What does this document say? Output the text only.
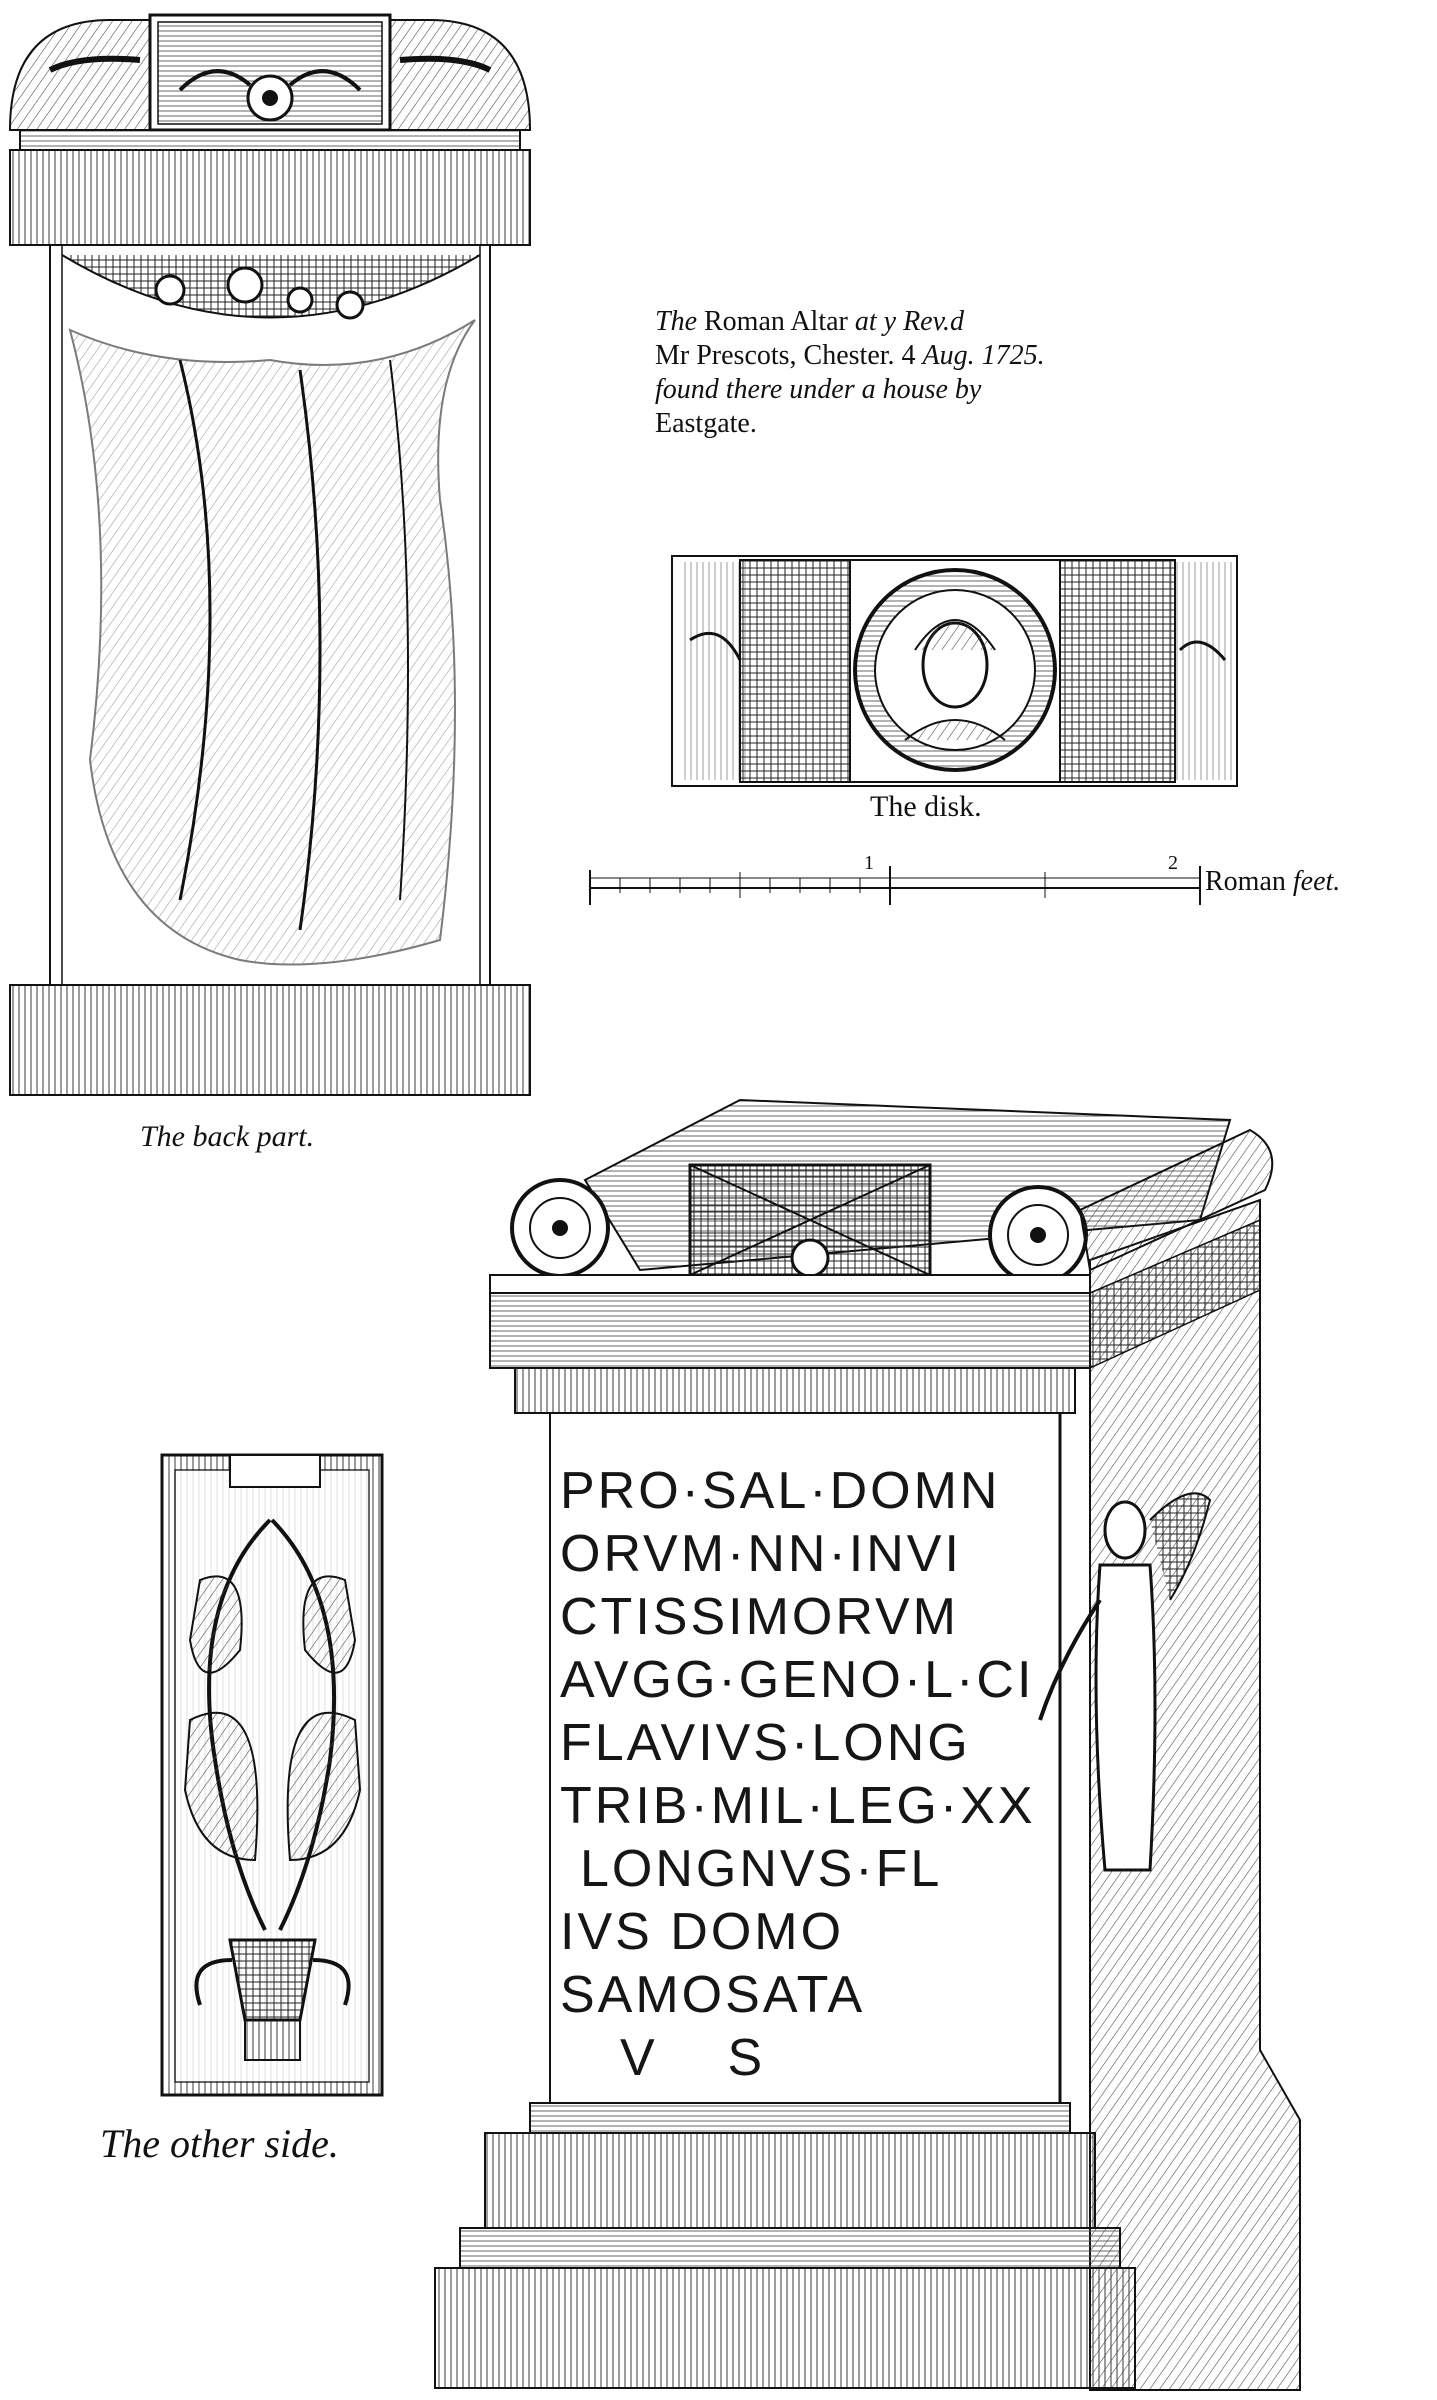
The Roman Altar at y Rev.d
Mr Prescots, Chester. 4 Aug. 1725.
found there under a house by
Eastgate.
The disk.
1	2
Roman feet.
The back part.
The other side.
PRO·SAL·DOMN
ORVM·NN·INVI
CTISSIMORVM
AVGG·GENO·L·CI
FLAVIVS·LONG
TRIB·MIL·LEG·XX
LONGNVS·FL
IVS DOMO
SAMOSATA
V    S
